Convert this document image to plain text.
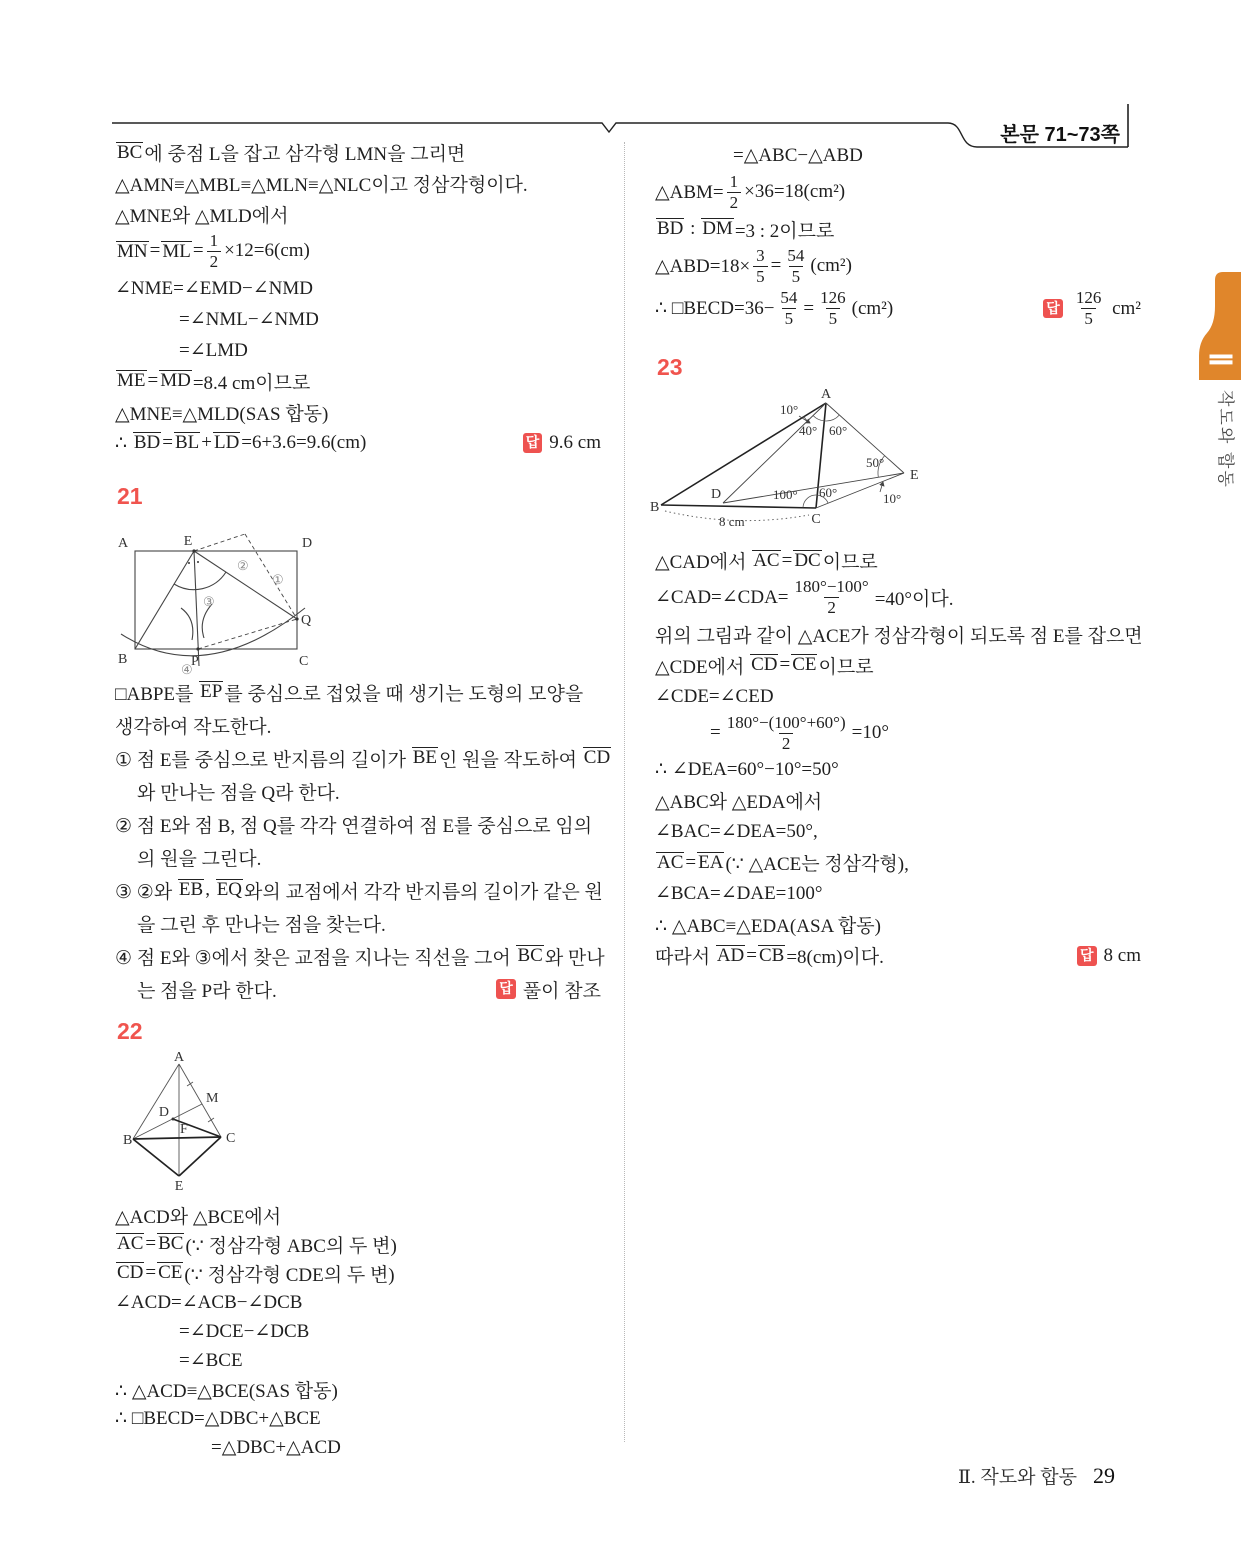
본문 71~73쪽
Ⅱ
작도와 합동
BC 에 중점 L을 잡고 삼각형 LMN을 그리면
△AMN≡△MBL≡△MLN≡△NLC이고 정삼각형이다.
△MNE와 △MLD에서
MN = ML = $\frac{1}{2} \times 12=6(cm)$
∠NME=∠EMD−∠NMD
=∠NML−∠NMD
=∠LMD
ME = MD =8.4 cm이므로
△MNE≡△MLD(SAS 합동)
∴ BD = BL + LD =6+3.6=9.6(cm)	답 9.6 cm
21
A	E	D
B	P	C
Q
①
②
③
④
□ABPE를 EP 를 중심으로 접었을 때 생기는 도형의 모양을
생각하여 작도한다.
① 점 E를 중심으로 반지름의 길이가 BE 인 원을 작도하여 CD
와 만나는 점을 Q라 한다.
② 점 E와 점 B, 점 Q를 각각 연결하여 점 E를 중심으로 임의
의 원을 그린다.
③ ②와 EB , EQ 와의 교점에서 각각 반지름의 길이가 같은 원
을 그린 후 만나는 점을 찾는다.
④ 점 E와 ③에서 찾은 교점을 지나는 직선을 그어 BC 와 만나
는 점을 P라 한다.	답 풀이 참조
22
A
B	C
D
E
M
F
△ACD와 △BCE에서
AC = BC (∵ 정삼각형 ABC의 두 변)
CD = CE (∵ 정삼각형 CDE의 두 변)
∠ACD=∠ACB−∠DCB
=∠DCE−∠DCB
=∠BCE
∴ △ACD≡△BCE(SAS 합동)
∴ □BECD=△DBC+△BCE
=△DBC+△ACD
=△ABC−△ABD
△ABM= $\frac{1}{2} \times 36=18(cm^2)$
BD : DM =3 : 2이므로
△ABD=18× $\frac{3}{5} = \frac{54}{5} (cm^2)$
∴ □BECD=36− $\frac{54}{5} = \frac{126}{5} (cm^2)$	답 $\frac{126}{5} cm^2$
23
A
B
D
C
E
10°
40° 60°
50°
100° 60°	10°
8 cm
△CAD에서 AC = DC 이므로
∠CAD=∠CDA= $\frac{180^\circ-100^\circ}{2} =40^\circ$이다.
위의 그림과 같이 △ACE가 정삼각형이 되도록 점 E를 잡으면
△CDE에서 CD = CE 이므로
∠CDE=∠CED
= $\frac{180^\circ-(100^\circ+60^\circ)}{2} =10^\circ$
∴ ∠DEA=60°−10°=50°
△ABC와 △EDA에서
∠BAC=∠DEA=50°,
AC = EA (∵ △ACE는 정삼각형),
∠BCA=∠DAE=100°
∴ △ABC≡△EDA(ASA 합동)
따라서 AD = CB =8(cm)이다.	답 8 cm
Ⅱ. 작도와 합동 29
